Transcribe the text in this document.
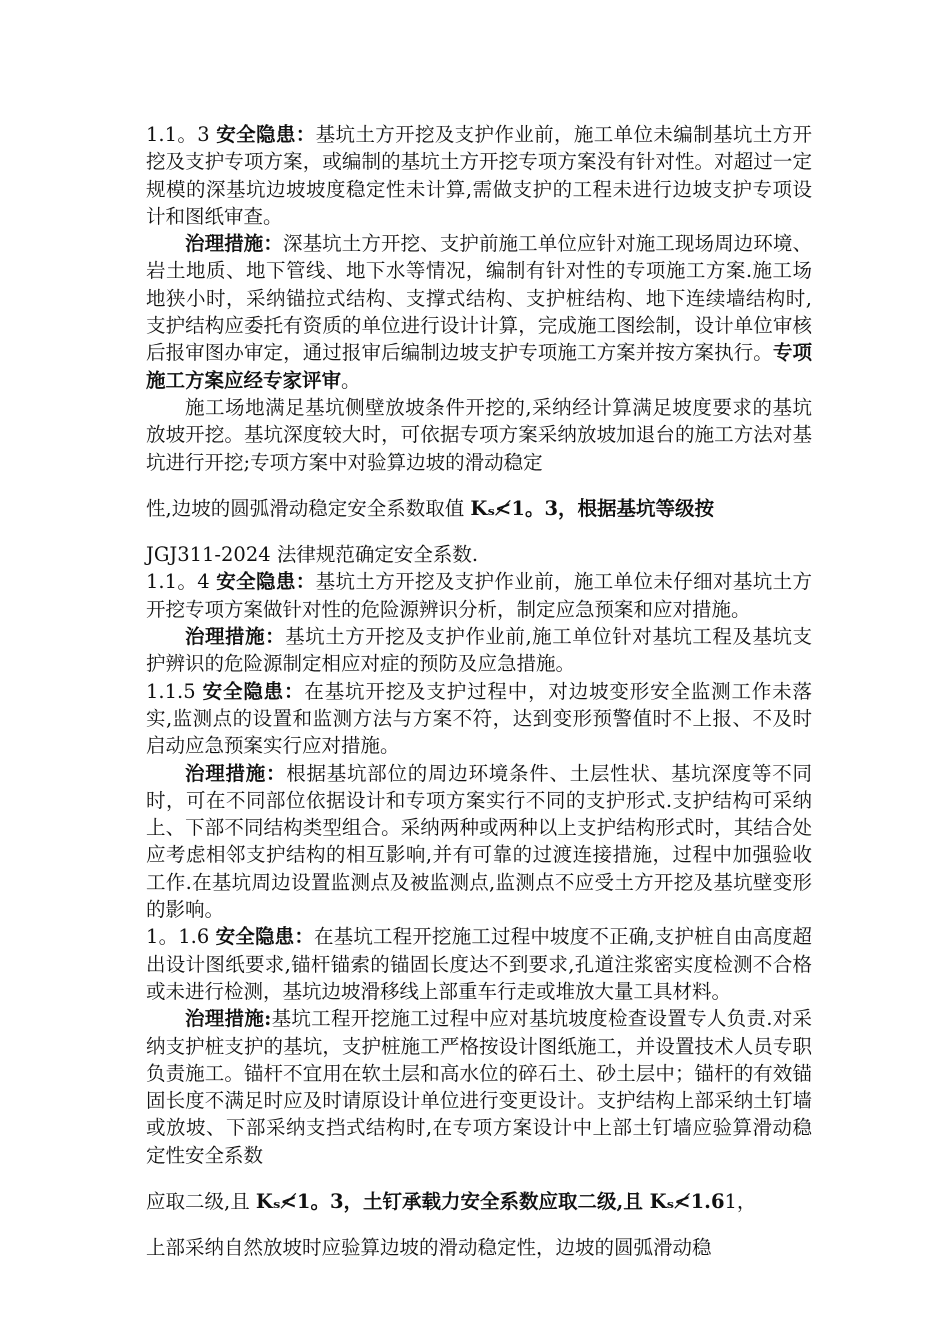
1.1。3 安全隐患：基坑土方开挖及支护作业前，施工单位未编制基坑土方开挖及支护专项方案，或编制的基坑土方开挖专项方案没有针对性。对超过一定规模的深基坑边坡坡度稳定性未计算,需做支护的工程未进行边坡支护专项设计和图纸审查。

治理措施：深基坑土方开挖、支护前施工单位应针对施工现场周边环境、岩土地质、地下管线、地下水等情况，编制有针对性的专项施工方案.施工场地狭小时，采纳锚拉式结构、支撑式结构、支护桩结构、地下连续墙结构时,支护结构应委托有资质的单位进行设计计算，完成施工图绘制，设计单位审核后报审图办审定，通过报审后编制边坡支护专项施工方案并按方案执行。专项施工方案应经专家评审。

施工场地满足基坑侧壁放坡条件开挖的,采纳经计算满足坡度要求的基坑放坡开挖。基坑深度较大时，可依据专项方案采纳放坡加退台的施工方法对基坑进行开挖;专项方案中对验算边坡的滑动稳定

性,边坡的圆弧滑动稳定安全系数取值 Kₛ≮1。3，根据基坑等级按

JGJ311-2024 法律规范确定安全系数.

1.1。4 安全隐患：基坑土方开挖及支护作业前，施工单位未仔细对基坑土方开挖专项方案做针对性的危险源辨识分析，制定应急预案和应对措施。

治理措施：基坑土方开挖及支护作业前,施工单位针对基坑工程及基坑支护辨识的危险源制定相应对症的预防及应急措施。

1.1.5 安全隐患：在基坑开挖及支护过程中，对边坡变形安全监测工作未落实,监测点的设置和监测方法与方案不符，达到变形预警值时不上报、不及时启动应急预案实行应对措施。

治理措施：根据基坑部位的周边环境条件、土层性状、基坑深度等不同时，可在不同部位依据设计和专项方案实行不同的支护形式.支护结构可采纳上、下部不同结构类型组合。采纳两种或两种以上支护结构形式时，其结合处应考虑相邻支护结构的相互影响,并有可靠的过渡连接措施，过程中加强验收工作.在基坑周边设置监测点及被监测点,监测点不应受土方开挖及基坑壁变形的影响。

1。1.6 安全隐患：在基坑工程开挖施工过程中坡度不正确,支护桩自由高度超出设计图纸要求,锚杆锚索的锚固长度达不到要求,孔道注浆密实度检测不合格或未进行检测，基坑边坡滑移线上部重车行走或堆放大量工具材料。

治理措施:基坑工程开挖施工过程中应对基坑坡度检查设置专人负责.对采纳支护桩支护的基坑，支护桩施工严格按设计图纸施工，并设置技术人员专职负责施工。锚杆不宜用在软土层和高水位的碎石土、砂土层中；锚杆的有效锚固长度不满足时应及时请原设计单位进行变更设计。支护结构上部采纳土钉墙或放坡、下部采纳支挡式结构时,在专项方案设计中上部土钉墙应验算滑动稳定性安全系数

应取二级,且 Kₛ≮1。3，土钉承载力安全系数应取二级,且 Kₛ≮1.61，

上部采纳自然放坡时应验算边坡的滑动稳定性，边坡的圆弧滑动稳
